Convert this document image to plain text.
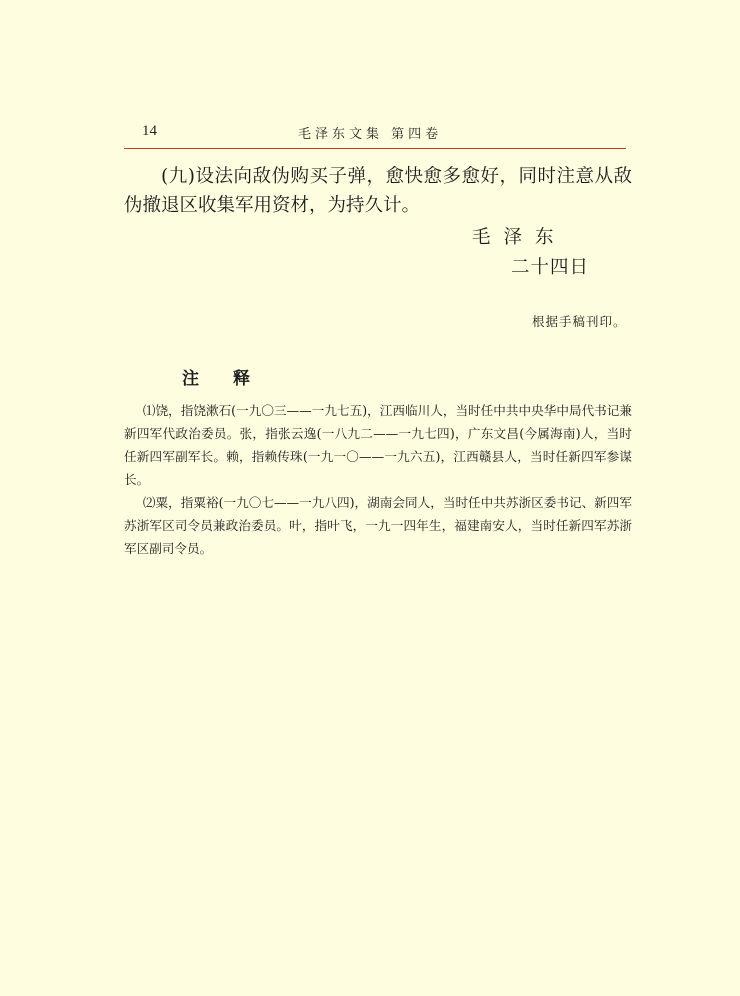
14	毛泽东文集 第四卷

(九)设法向敌伪购买子弹，愈快愈多愈好，同时注意从敌伪撤退区收集军用资材，为持久计。

毛泽东
二十四日
根据手稿刊印。
注释

⑴饶，指饶漱石(一九〇三——一九七五)，江西临川人，当时任中共中央华中局代书记兼新四军代政治委员。张，指张云逸(一八九二——一九七四)，广东文昌(今属海南)人，当时任新四军副军长。赖，指赖传珠(一九一〇——一九六五)，江西赣县人，当时任新四军参谋长。

⑵粟，指粟裕(一九〇七——一九八四)，湖南会同人，当时任中共苏浙区委书记、新四军苏浙军区司令员兼政治委员。叶，指叶飞，一九一四年生，福建南安人，当时任新四军苏浙军区副司令员。
